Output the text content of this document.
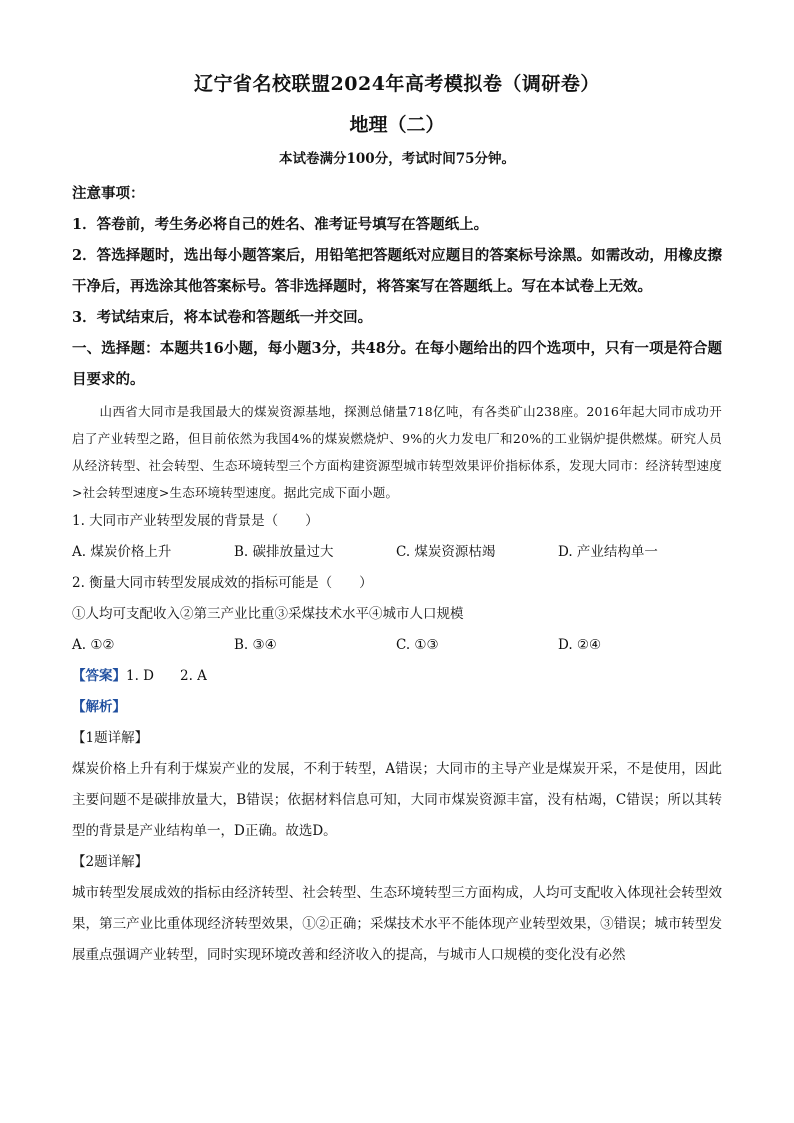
辽宁省名校联盟2024年高考模拟卷（调研卷）
地理（二）
本试卷满分100分，考试时间75分钟。

注意事项：

1．答卷前，考生务必将自己的姓名、准考证号填写在答题纸上。

2．答选择题时，选出每小题答案后，用铅笔把答题纸对应题目的答案标号涂黑。如需改动，用橡皮擦干净后，再选涂其他答案标号。答非选择题时，将答案写在答题纸上。写在本试卷上无效。

3．考试结束后，将本试卷和答题纸一并交回。

一、选择题：本题共16小题，每小题3分，共48分。在每小题给出的四个选项中，只有一项是符合题目要求的。

山西省大同市是我国最大的煤炭资源基地，探测总储量718亿吨，有各类矿山238座。2016年起大同市成功开启了产业转型之路，但目前依然为我国4%的煤炭燃烧炉、9%的火力发电厂和20%的工业锅炉提供燃煤。研究人员从经济转型、社会转型、生态环境转型三个方面构建资源型城市转型效果评价指标体系，发现大同市：经济转型速度>社会转型速度>生态环境转型速度。据此完成下面小题。

1. 大同市产业转型发展的背景是（　　）

A. 煤炭价格上升	B. 碳排放量过大	C. 煤炭资源枯竭	D. 产业结构单一

2. 衡量大同市转型发展成效的指标可能是（　　）

①人均可支配收入②第三产业比重③采煤技术水平④城市人口规模

A. ①②	B. ③④	C. ①③	D. ②④

【答案】1. D 2. A

【解析】

【1题详解】

煤炭价格上升有利于煤炭产业的发展，不利于转型，A错误；大同市的主导产业是煤炭开采，不是使用，因此主要问题不是碳排放量大，B错误；依据材料信息可知，大同市煤炭资源丰富，没有枯竭，C错误；所以其转型的背景是产业结构单一，D正确。故选D。

【2题详解】

城市转型发展成效的指标由经济转型、社会转型、生态环境转型三方面构成，人均可支配收入体现社会转型效果，第三产业比重体现经济转型效果，①②正确；采煤技术水平不能体现产业转型效果，③错误；城市转型发展重点强调产业转型，同时实现环境改善和经济收入的提高，与城市人口规模的变化没有必然
